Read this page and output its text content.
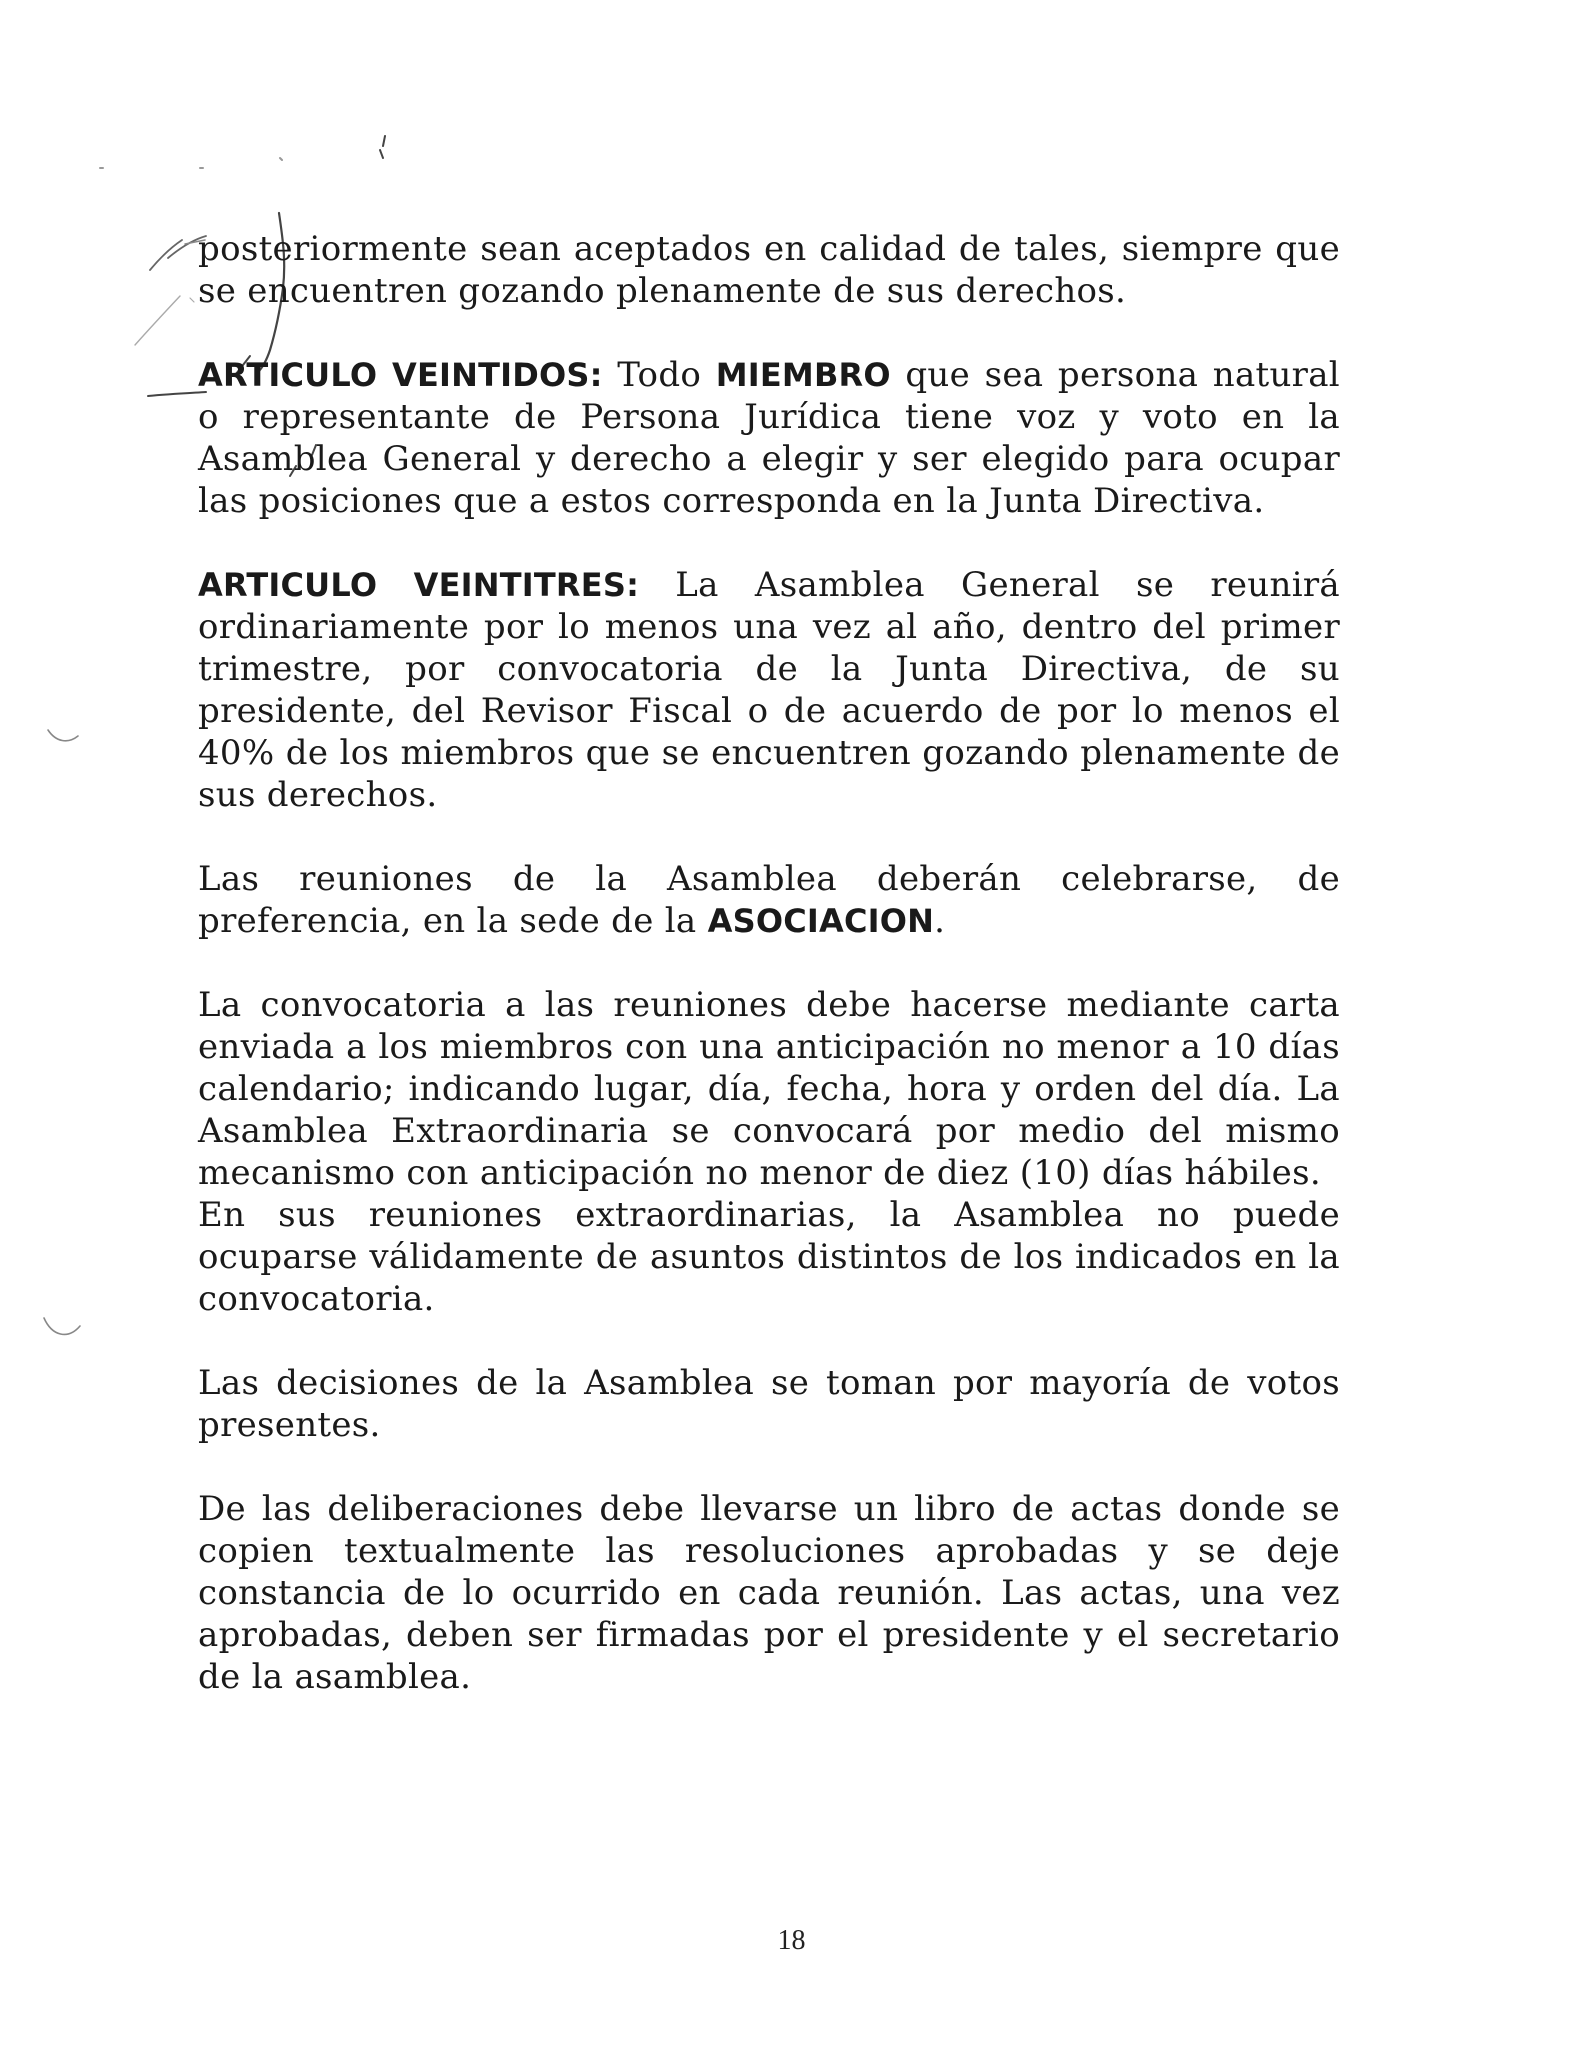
posteriormente sean aceptados en calidad de tales, siempre que se encuentren gozando plenamente de sus derechos.

ARTICULO VEINTIDOS: Todo MIEMBRO que sea persona natural o representante de Persona Jurídica tiene voz y voto en la Asamblea General y derecho a elegir y ser elegido para ocupar las posiciones que a estos corresponda en la Junta Directiva.

ARTICULO VEINTITRES: La Asamblea General se reunirá ordinariamente por lo menos una vez al año, dentro del primer trimestre, por convocatoria de la Junta Directiva, de su presidente, del Revisor Fiscal o de acuerdo de por lo menos el 40% de los miembros que se encuentren gozando plenamente de sus derechos.

Las reuniones de la Asamblea deberán celebrarse, de preferencia, en la sede de la ASOCIACION.

La convocatoria a las reuniones debe hacerse mediante carta enviada a los miembros con una anticipación no menor a 10 días calendario; indicando lugar, día, fecha, hora y orden del día. La Asamblea Extraordinaria se convocará por medio del mismo mecanismo con anticipación no menor de diez (10) días hábiles.

En sus reuniones extraordinarias, la Asamblea no puede ocuparse válidamente de asuntos distintos de los indicados en la convocatoria.

Las decisiones de la Asamblea se toman por mayoría de votos presentes.

De las deliberaciones debe llevarse un libro de actas donde se copien textualmente las resoluciones aprobadas y se deje constancia de lo ocurrido en cada reunión. Las actas, una vez aprobadas, deben ser firmadas por el presidente y el secretario de la asamblea.

18
